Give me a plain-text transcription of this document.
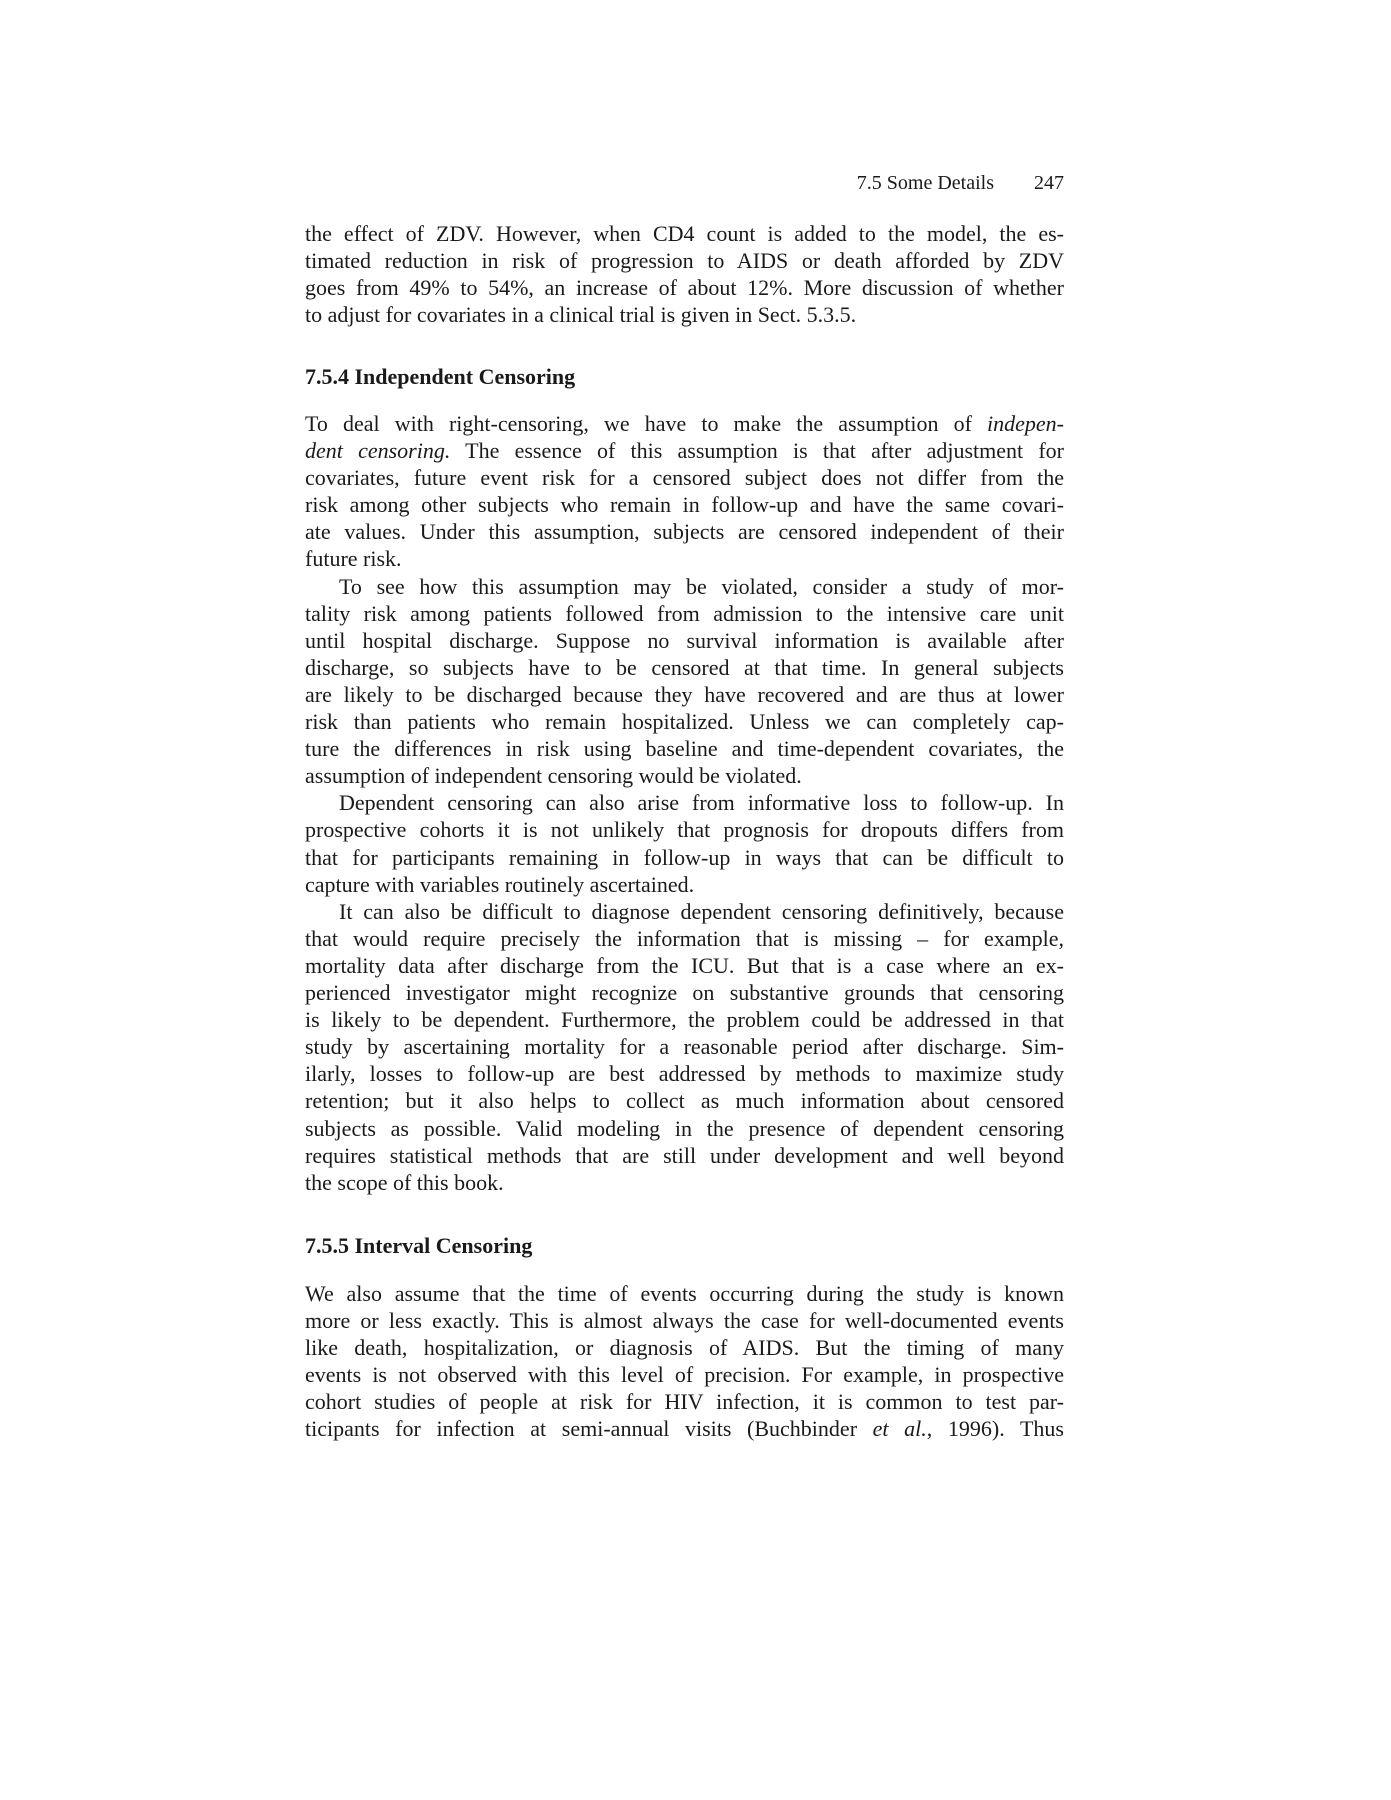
7.5 Some Details 247
the effect of ZDV. However, when CD4 count is added to the model, the es-
timated reduction in risk of progression to AIDS or death afforded by ZDV
goes from 49% to 54%, an increase of about 12%. More discussion of whether
to adjust for covariates in a clinical trial is given in Sect. 5.3.5.
7.5.4 Independent Censoring
To deal with right-censoring, we have to make the assumption of indepen-
dent censoring. The essence of this assumption is that after adjustment for
covariates, future event risk for a censored subject does not differ from the
risk among other subjects who remain in follow-up and have the same covari-
ate values. Under this assumption, subjects are censored independent of their
future risk.
To see how this assumption may be violated, consider a study of mor-
tality risk among patients followed from admission to the intensive care unit
until hospital discharge. Suppose no survival information is available after
discharge, so subjects have to be censored at that time. In general subjects
are likely to be discharged because they have recovered and are thus at lower
risk than patients who remain hospitalized. Unless we can completely cap-
ture the differences in risk using baseline and time-dependent covariates, the
assumption of independent censoring would be violated.
Dependent censoring can also arise from informative loss to follow-up. In
prospective cohorts it is not unlikely that prognosis for dropouts differs from
that for participants remaining in follow-up in ways that can be difficult to
capture with variables routinely ascertained.
It can also be difficult to diagnose dependent censoring definitively, because
that would require precisely the information that is missing – for example,
mortality data after discharge from the ICU. But that is a case where an ex-
perienced investigator might recognize on substantive grounds that censoring
is likely to be dependent. Furthermore, the problem could be addressed in that
study by ascertaining mortality for a reasonable period after discharge. Sim-
ilarly, losses to follow-up are best addressed by methods to maximize study
retention; but it also helps to collect as much information about censored
subjects as possible. Valid modeling in the presence of dependent censoring
requires statistical methods that are still under development and well beyond
the scope of this book.
7.5.5 Interval Censoring
We also assume that the time of events occurring during the study is known
more or less exactly. This is almost always the case for well-documented events
like death, hospitalization, or diagnosis of AIDS. But the timing of many
events is not observed with this level of precision. For example, in prospective
cohort studies of people at risk for HIV infection, it is common to test par-
ticipants for infection at semi-annual visits (Buchbinder et al., 1996). Thus
